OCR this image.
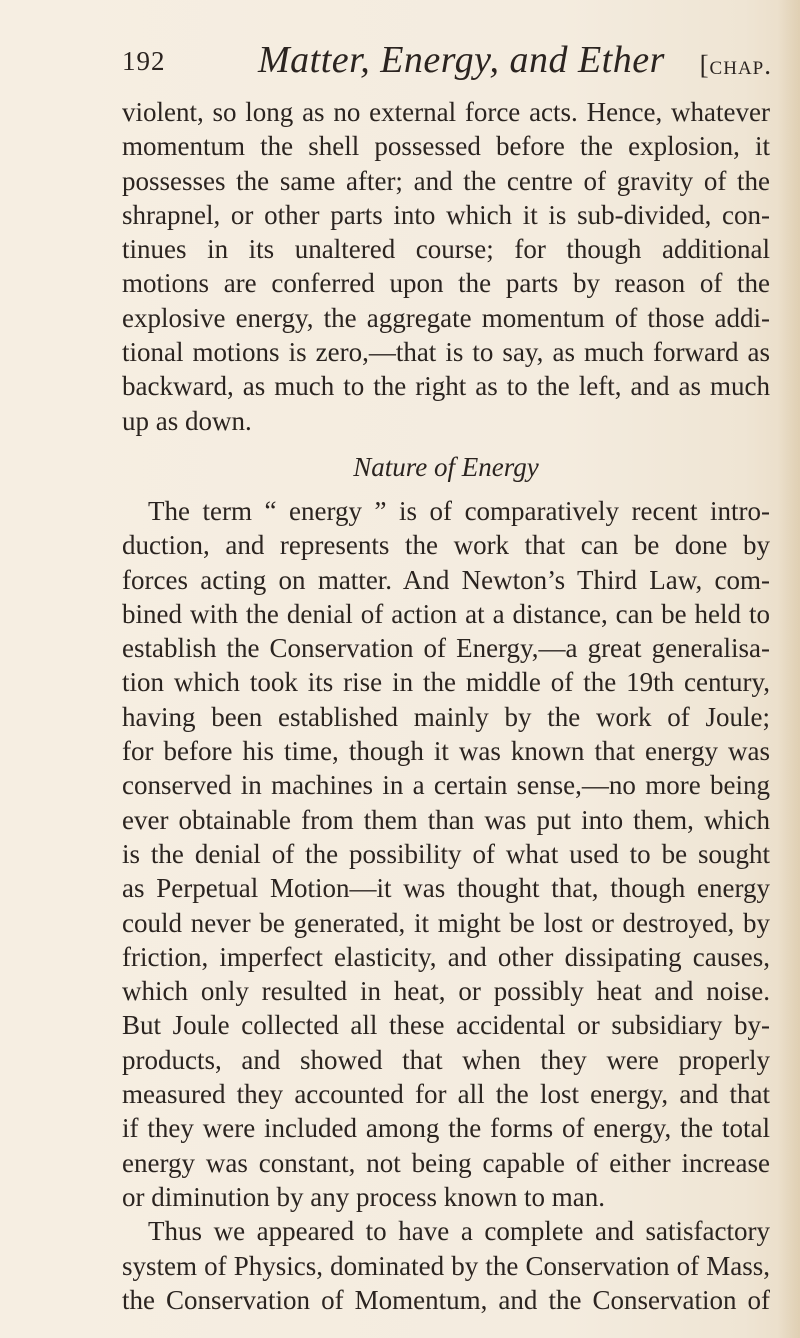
192 Matter, Energy, and Ether [chap.
violent, so long as no external force acts. Hence, whatever
momentum the shell possessed before the explosion, it
possesses the same after; and the centre of gravity of the
shrapnel, or other parts into which it is sub-divided, con-
tinues in its unaltered course; for though additional
motions are conferred upon the parts by reason of the
explosive energy, the aggregate momentum of those addi-
tional motions is zero,—that is to say, as much forward as
backward, as much to the right as to the left, and as much
up as down.
Nature of Energy
The term “ energy ” is of comparatively recent intro-
duction, and represents the work that can be done by
forces acting on matter. And Newton’s Third Law, com-
bined with the denial of action at a distance, can be held to
establish the Conservation of Energy,—a great generalisa-
tion which took its rise in the middle of the 19th century,
having been established mainly by the work of Joule;
for before his time, though it was known that energy was
conserved in machines in a certain sense,—no more being
ever obtainable from them than was put into them, which
is the denial of the possibility of what used to be sought
as Perpetual Motion—it was thought that, though energy
could never be generated, it might be lost or destroyed, by
friction, imperfect elasticity, and other dissipating causes,
which only resulted in heat, or possibly heat and noise.
But Joule collected all these accidental or subsidiary by-
products, and showed that when they were properly
measured they accounted for all the lost energy, and that
if they were included among the forms of energy, the total
energy was constant, not being capable of either increase
or diminution by any process known to man.
Thus we appeared to have a complete and satisfactory
system of Physics, dominated by the Conservation of Mass,
the Conservation of Momentum, and the Conservation of
